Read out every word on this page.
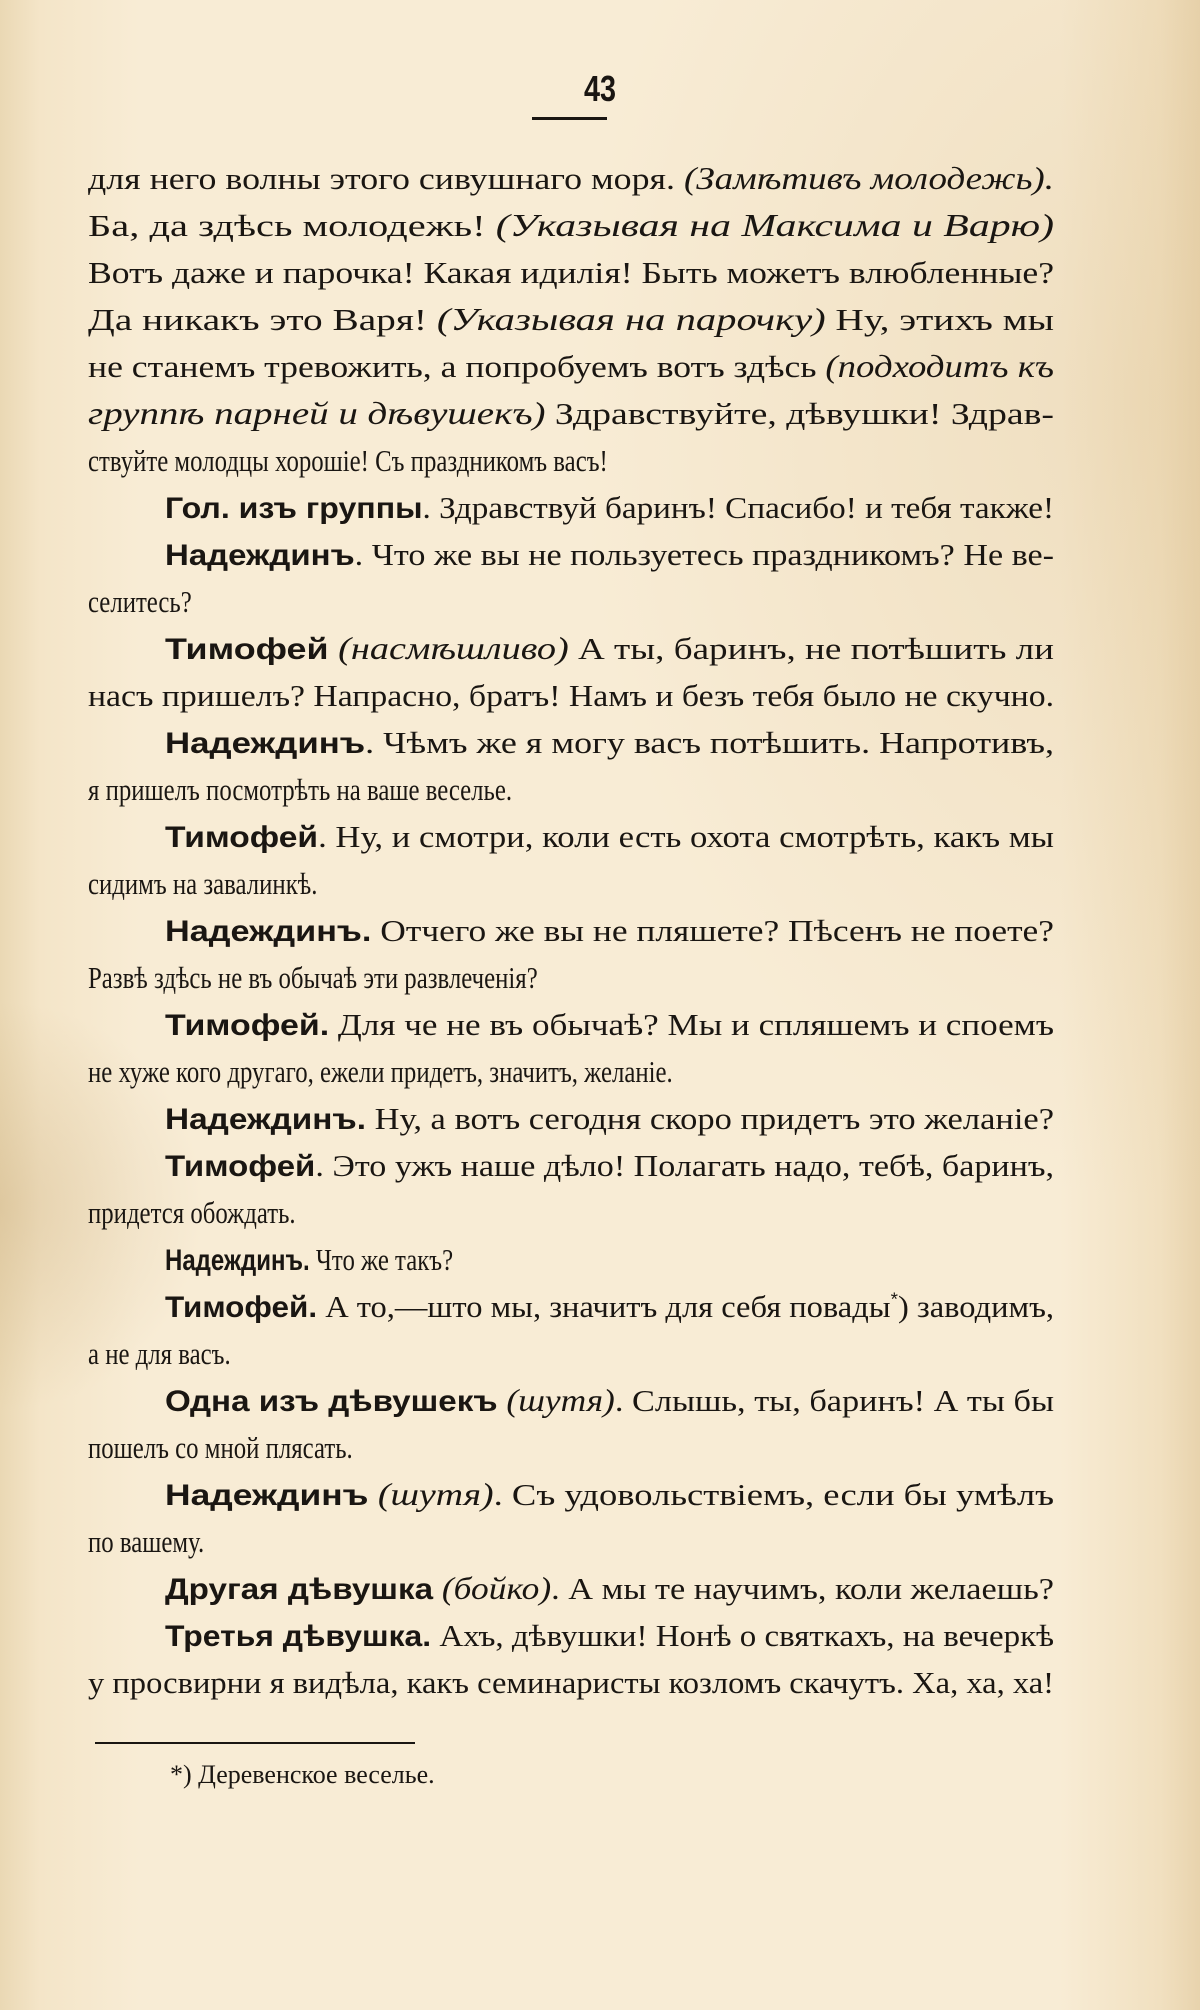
43
для него волны этого сивушнаго моря. (Замѣтивъ молодежь).
Ба, да здѣсь молодежь! (Указывая на Максима и Варю)
Вотъ даже и парочка! Какая идилія! Быть можетъ влюбленные?
Да никакъ это Варя! (Указывая на парочку) Ну, этихъ мы
не станемъ тревожить, а попробуемъ вотъ здѣсь (подходитъ къ
группѣ парней и дѣвушекъ) Здравствуйте, дѣвушки! Здрав-
ствуйте молодцы хорошіе! Съ праздникомъ васъ!
Гол. изъ группы. Здравствуй баринъ! Спасибо! и тебя также!
Надеждинъ. Что же вы не пользуетесь праздникомъ? Не ве-
селитесь?
Тимофей (насмѣшливо) А ты, баринъ, не потѣшить ли
насъ пришелъ? Напрасно, братъ! Намъ и безъ тебя было не скучно.
Надеждинъ. Чѣмъ же я могу васъ потѣшить. Напротивъ,
я пришелъ посмотрѣть на ваше веселье.
Тимофей. Ну, и смотри, коли есть охота смотрѣть, какъ мы
сидимъ на завалинкѣ.
Надеждинъ. Отчего же вы не пляшете? Пѣсенъ не поете?
Развѣ здѣсь не въ обычаѣ эти развлеченія?
Тимофей. Для че не въ обычаѣ? Мы и спляшемъ и споемъ
не хуже кого другаго, ежели придетъ, значитъ, желаніе.
Надеждинъ. Ну, а вотъ сегодня скоро придетъ это желаніе?
Тимофей. Это ужъ наше дѣло! Полагать надо, тебѣ, баринъ,
придется обождать.
Надеждинъ. Что же такъ?
Тимофей. А то,—што мы, значитъ для себя повады*) заводимъ,
а не для васъ.
Одна изъ дѣвушекъ (шутя). Слышь, ты, баринъ! А ты бы
пошелъ со мной плясать.
Надеждинъ (шутя). Съ удовольствіемъ, если бы умѣлъ
по вашему.
Другая дѣвушка (бойко). А мы те научимъ, коли желаешь?
Третья дѣвушка. Ахъ, дѣвушки! Нонѣ о святкахъ, на вечеркѣ
у просвирни я видѣла, какъ семинаристы козломъ скачутъ. Ха, ха, ха!
*) Деревенское веселье.
